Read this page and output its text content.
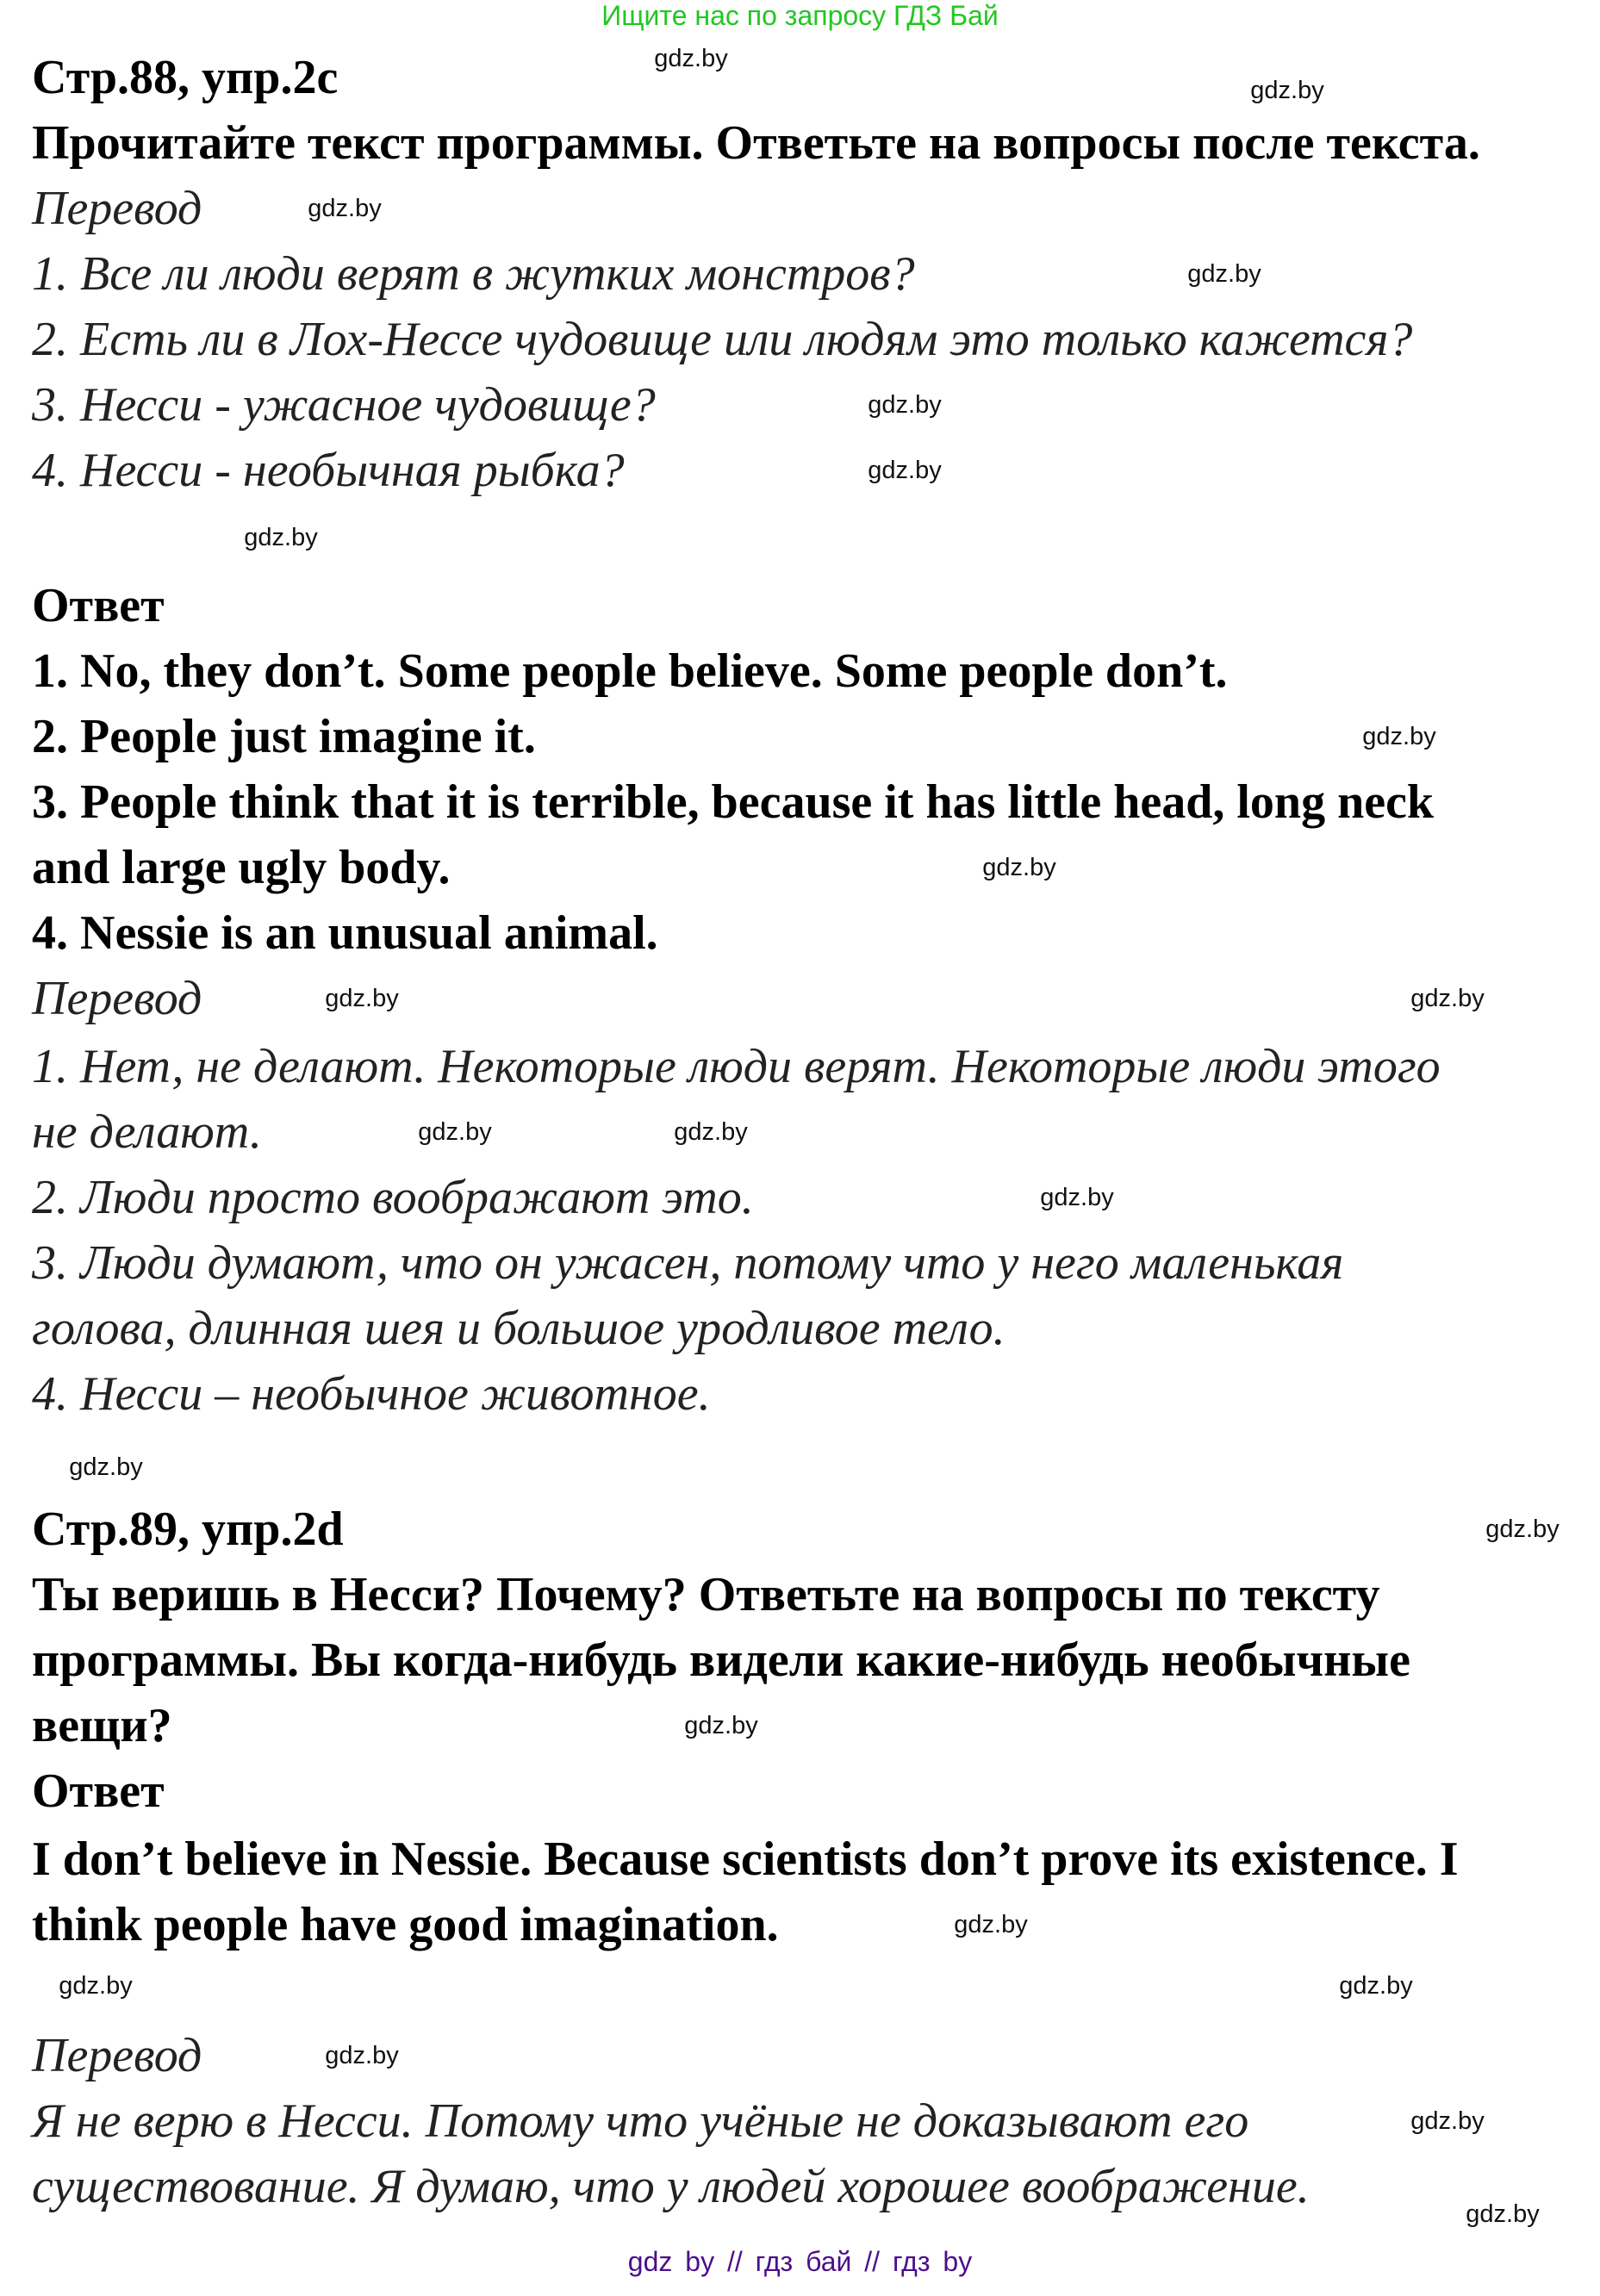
Ищите нас по запросу ГДЗ Бай
Стр.88, упр.2c
Прочитайте текст программы. Ответьте на вопросы после текста.
Перевод
1. Все ли люди верят в жутких монстров?
2. Есть ли в Лох-Нессе чудовище или людям это только кажется?
3. Несси - ужасное чудовище?
4. Несси - необычная рыбка?
Ответ
1. No, they don’t. Some people believe. Some people don’t.
2. People just imagine it.
3. People think that it is terrible, because it has little head, long neck
and large ugly body.
4. Nessie is an unusual animal.
Перевод
1. Нет, не делают. Некоторые люди верят. Некоторые люди этого
не делают.
2. Люди просто воображают это.
3. Люди думают, что он ужасен, потому что у него маленькая
голова, длинная шея и большое уродливое тело.
4. Несси – необычное животное.
Стр.89, упр.2d
Ты веришь в Несси? Почему? Ответьте на вопросы по тексту
программы. Вы когда-нибудь видели какие-нибудь необычные
вещи?
Ответ
I don’t believe in Nessie. Because scientists don’t prove its existence. I
think people have good imagination.
Перевод
Я не верю в Несси. Потому что учёные не доказывают его
существование. Я думаю, что у людей хорошее воображение.
gdz.by
gdz.by
gdz.by
gdz.by
gdz.by
gdz.by
gdz.by
gdz.by
gdz.by
gdz.by	gdz.by
gdz.by	gdz.by
gdz.by
gdz.by
gdz.by
gdz.by
gdz.by
gdz.by
gdz.by
gdz.by
gdz.by
gdz.by
gdz by // гдз бай // гдз by
